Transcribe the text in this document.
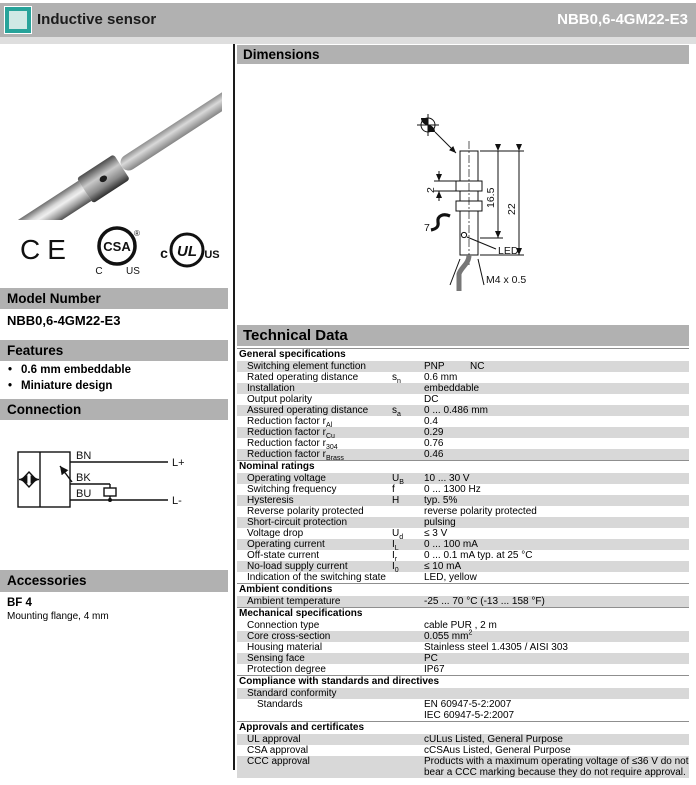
Inductive sensor	NBB0,6-4GM22-E3
CE CSA
®
C US
c UL US
Model Number
NBB0,6-4GM22-E3
Features
• 0.6 mm embeddable
• Miniature design
Connection
BN
BK
BU
L+
L-
Accessories
BF 4
Mounting flange, 4 mm
Dimensions
2	16.5
22
7
LED
M4 x 0.5
Technical Data
General specifications
Switching element function	PNP	NC
Rated operating distance	$s_n$	0.6 mm
Installation	embeddable
Output polarity	DC
Assured operating distance	$s_a$	0 ... 0.486 mm
Reduction factor $r_{Al}$	0.4
Reduction factor $r_{Cu}$	0.29
Reduction factor $r_{304}$	0.76
Reduction factor $r_{Brass}$	0.46
Nominal ratings
Operating voltage	$U_B$	10 ... 30 V
Switching frequency	f	0 ... 1300 Hz
Hysteresis	H	typ. 5%
Reverse polarity protected	reverse polarity protected
Short-circuit protection	pulsing
Voltage drop	$U_d$	≤ 3 V
Operating current	$I_L$	0 ... 100 mA
Off-state current	$I_r$	0 ... 0.1 mA typ. at 25 °C
No-load supply current	$I_0$	≤ 10 mA
Indication of the switching state	LED, yellow
Ambient conditions
Ambient temperature	-25 ... 70 °C (-13 ... 158 °F)
Mechanical specifications
Connection type	cable PUR , 2 m
Core cross-section	0.055 $mm^2$
Housing material	Stainless steel 1.4305 / AISI 303
Sensing face	PC
Protection degree	IP67
Compliance with standards and directives
Standard conformity
Standards	EN 60947-5-2:2007
IEC 60947-5-2:2007
Approvals and certificates
UL approval	cULus Listed, General Purpose
CSA approval	cCSAus Listed, General Purpose
CCC approval	Products with a maximum operating voltage of ≤36 V do not bear a CCC marking because they do not require approval.
